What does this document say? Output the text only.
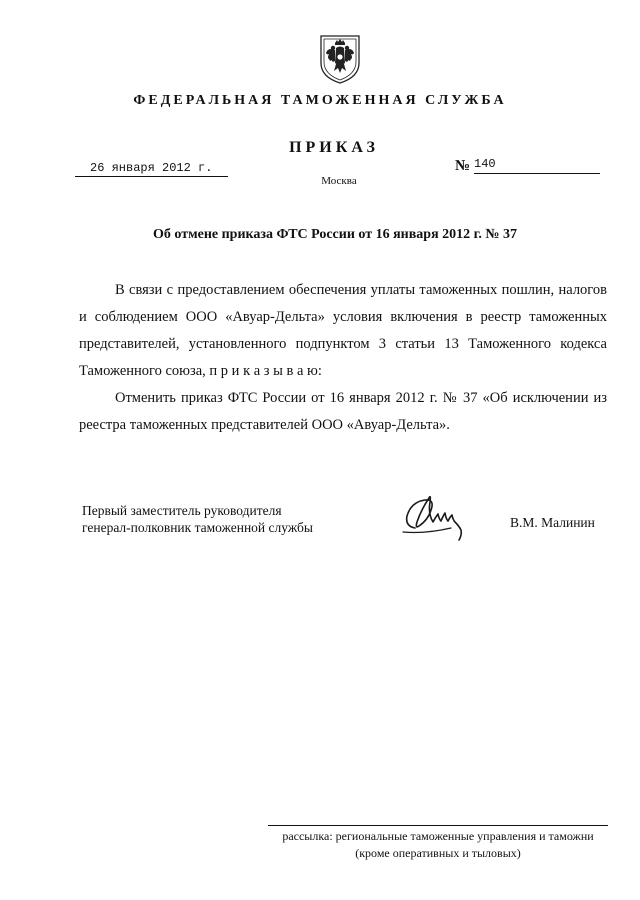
ФЕДЕРАЛЬНАЯ ТАМОЖЕННАЯ СЛУЖБА
ПРИКАЗ
26 января 2012 г.	№ 140
Москва
Об отмене приказа ФТС России от 16 января 2012 г. № 37

В связи с предоставлением обеспечения уплаты таможенных пошлин, налогов и соблюдением ООО «Авуар-Дельта» условия включения в реестр таможенных представителей, установленного подпунктом 3 статьи 13 Таможенного кодекса Таможенного союза, п р и к а з ы в а ю:

Отменить приказ ФТС России от 16 января 2012 г. № 37 «Об исключении из реестра таможенных представителей ООО «Авуар-Дельта».

Первый заместитель руководителя
генерал-полковник таможенной службы	В.М. Малинин
рассылка: региональные таможенные управления и таможни
(кроме оперативных и тыловых)
